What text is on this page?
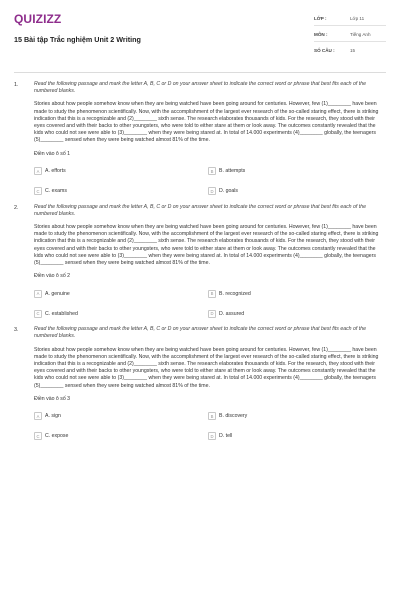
QUIZIZZ
15 Bài tập Trắc nghiệm Unit 2 Writing
LỚP :	Lớp 11
MÔN :	Tiếng Anh
SỐ CÂU :	15
1.	Read the following passage and mark the letter A, B, C or D on your answer sheet to indicate the correct word or phrase that best fits each of the numbered blanks.
Stories about how people somehow know when they are being watched have been going around for centuries. However, few (1)________ have been made to study the phenomenon scientifically. Now, with the accomplishment of the largest ever research of the so-called staring effect, there is striking indication that this is a recognizable and (2)________ sixth sense. The research elaborates thousands of kids. For the research, they stood with their eyes covered and with their backs to other youngsters, who were told to either stare at them or look away. The outcomes constantly revealed that the kids who could not see were able to (3)________ when they were being stared at. In total of 14.000 experiments (4)________ globally, the teenagers (5)________ sensed when they were being watched almost 81% of the time.
Điền vào ô số 1
A	A. efforts	B	B. attempts
C	C. exams	D	D. goals
2.	Read the following passage and mark the letter A, B, C or D on your answer sheet to indicate the correct word or phrase that best fits each of the numbered blanks.
Stories about how people somehow know when they are being watched have been going around for centuries. However, few (1)________ have been made to study the phenomenon scientifically. Now, with the accomplishment of the largest ever research of the so-called staring effect, there is striking indication that this is a recognizable and (2)________ sixth sense. The research elaborates thousands of kids. For the research, they stood with their eyes covered and with their backs to other youngsters, who were told to either stare at them or look away. The outcomes constantly revealed that the kids who could not see were able to (3)________ when they were being stared at. In total of 14.000 experiments (4)________ globally, the teenagers (5)________ sensed when they were being watched almost 81% of the time.
Điền vào ô số 2
A	A. genuine	B	B. recognized
C	C. established	D	D. assured
3.	Read the following passage and mark the letter A, B, C or D on your answer sheet to indicate the correct word or phrase that best fits each of the numbered blanks.
Stories about how people somehow know when they are being watched have been going around for centuries. However, few (1)________ have been made to study the phenomenon scientifically. Now, with the accomplishment of the largest ever research of the so-called staring effect, there is striking indication that this is a recognizable and (2)________ sixth sense. The research elaborates thousands of kids. For the research, they stood with their eyes covered and with their backs to other youngsters, who were told to either stare at them or look away. The outcomes constantly revealed that the kids who could not see were able to (3)________ when they were being stared at. In total of 14.000 experiments (4)________ globally, the teenagers (5)________ sensed when they were being watched almost 81% of the time.
Điền vào ô số 3
A	A. sign	B	B. discovery
C	C. expose	D	D. tell
